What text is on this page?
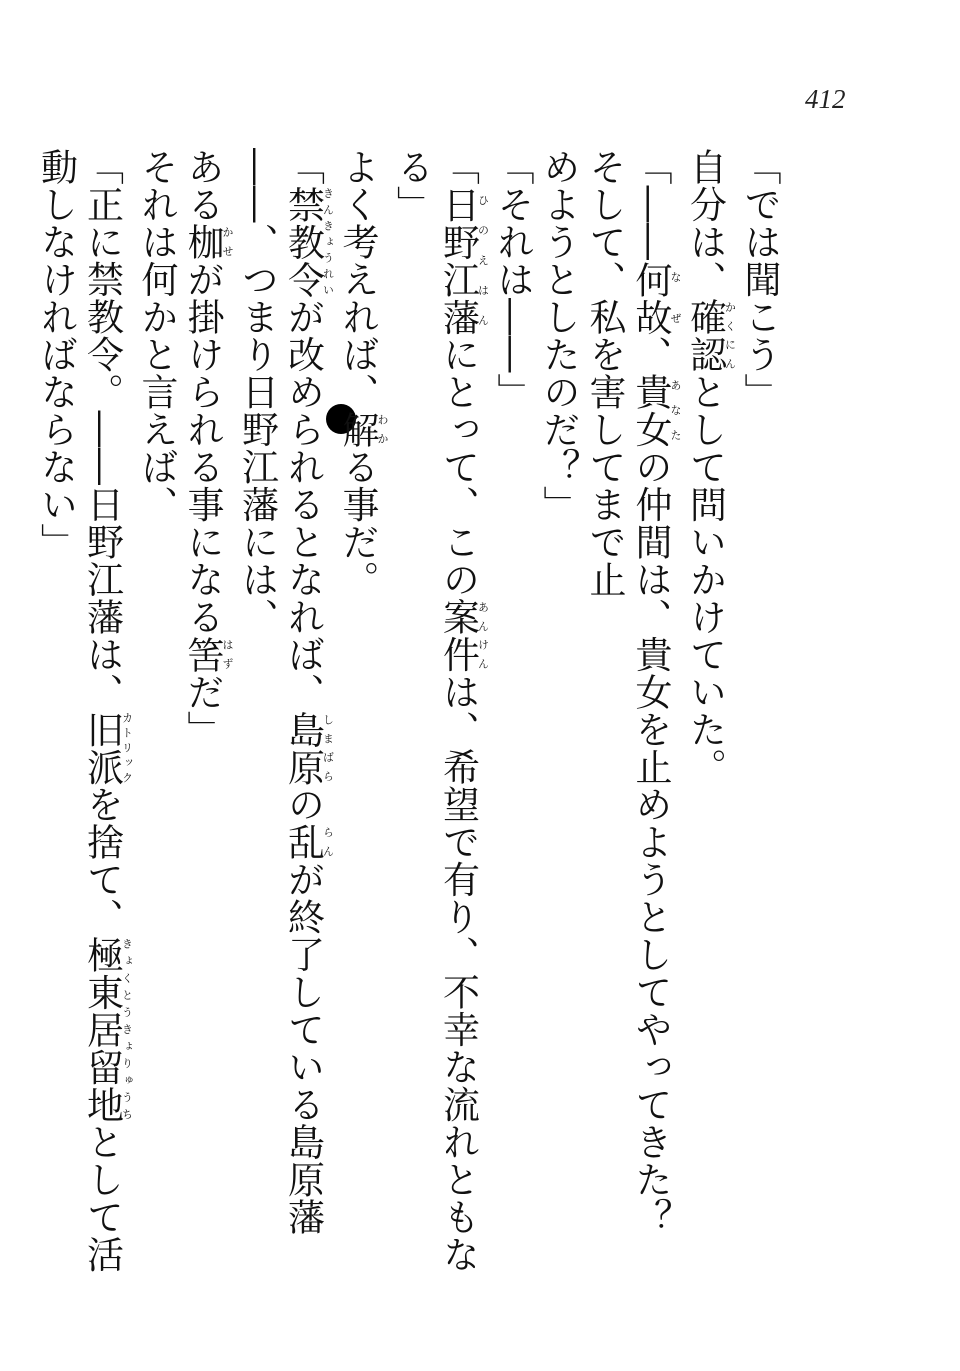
412

「では聞こう」

自分は、確認かくにんとして問いかけていた。

「――何故なぜ、貴女あなたの仲間は、貴女を止めようとしてやってきた？　そして、私を害してまで止

めようとしたのだ？」

「それは――」

「日野江藩ひのえはんにとって、この案件あんけんは、希望で有り、不幸な流れともなる」

よく考えれば、解わかる事だ。

「禁教令きんきょうれいが改められるとなれば、島原しまばらの乱らんが終了している島原藩――、つまり日野江藩には、

ある枷かせが掛けられる事になる筈はずだ」

それは何かと言えば、

「正に禁教令。――日野江藩は、旧派カトリックを捨て、極東居留地きょくとうきょりゅうちとして活動しなければならない」
